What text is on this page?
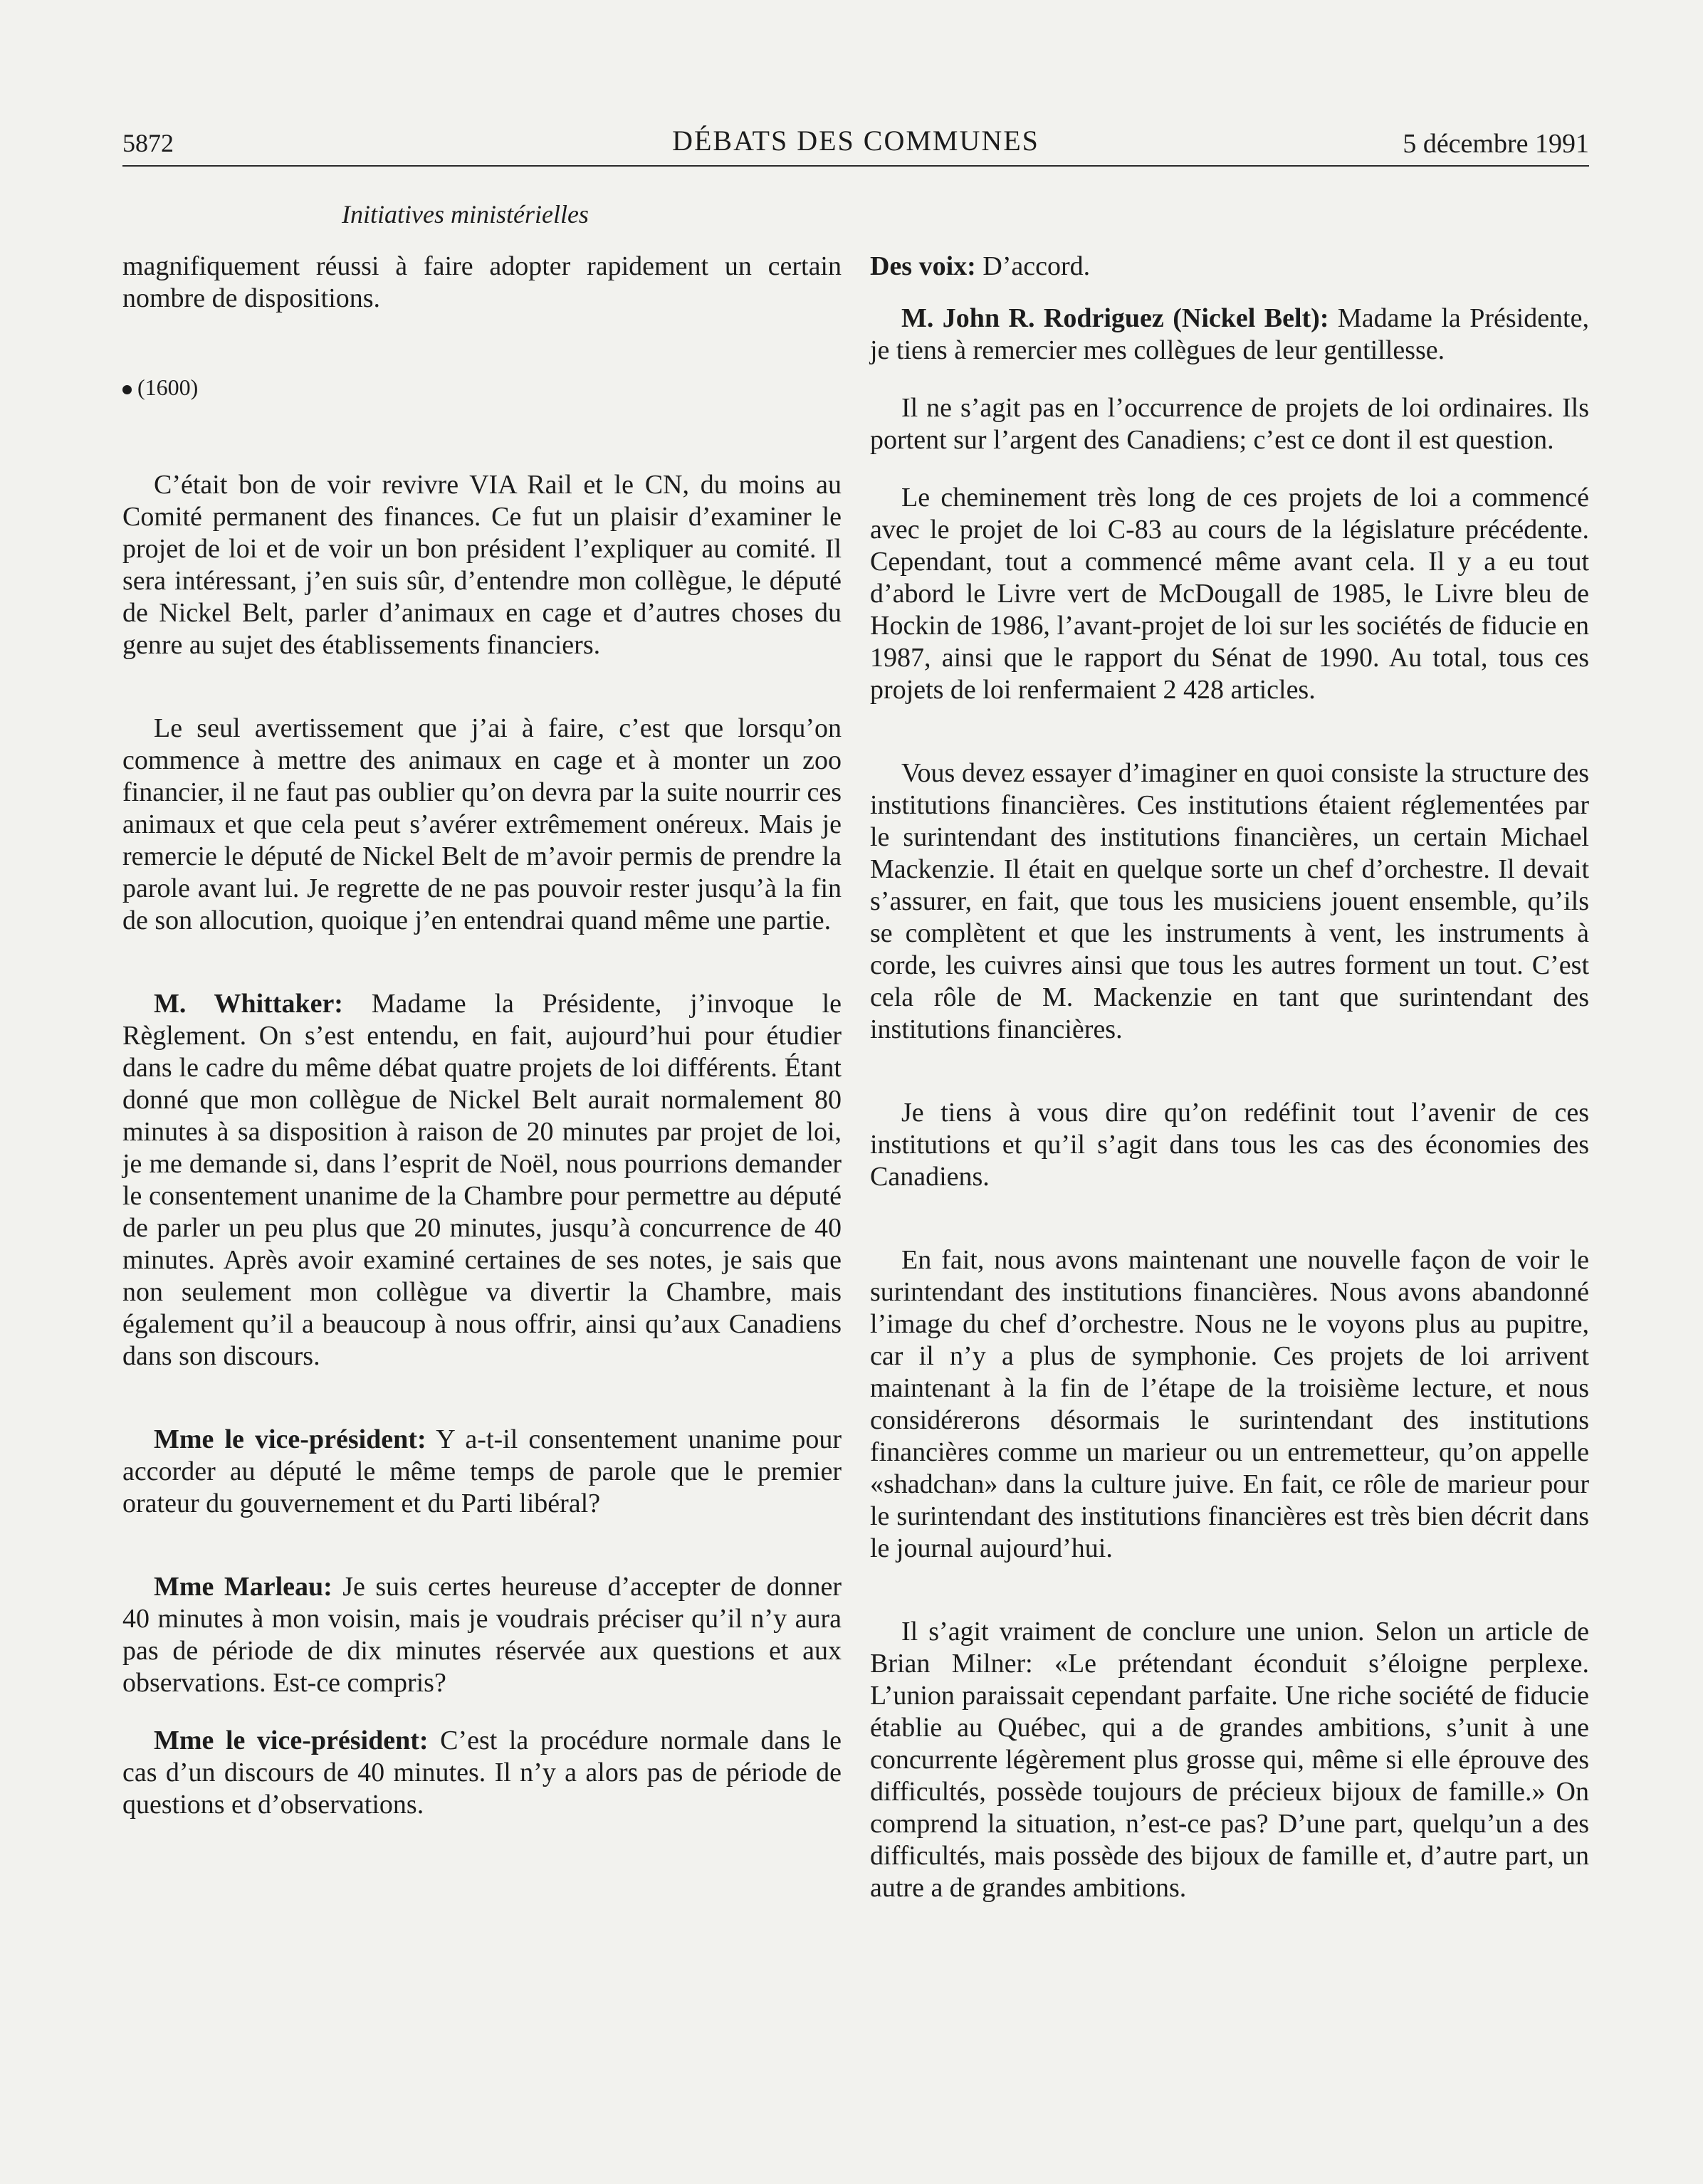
5872	DÉBATS DES COMMUNES	5 décembre 1991
Initiatives ministérielles

magnifiquement réussi à faire adopter rapidement un certain nombre de dispositions.

(1600)

C’était bon de voir revivre VIA Rail et le CN, du moins au Comité permanent des finances. Ce fut un plaisir d’examiner le projet de loi et de voir un bon président l’expliquer au comité. Il sera intéressant, j’en suis sûr, d’entendre mon collègue, le député de Nickel Belt, parler d’animaux en cage et d’autres choses du genre au sujet des établissements financiers.

Le seul avertissement que j’ai à faire, c’est que lorsqu’on commence à mettre des animaux en cage et à monter un zoo financier, il ne faut pas oublier qu’on devra par la suite nourrir ces animaux et que cela peut s’avérer extrêmement onéreux. Mais je remercie le député de Nickel Belt de m’avoir permis de prendre la parole avant lui. Je regrette de ne pas pouvoir rester jusqu’à la fin de son allocution, quoique j’en entendrai quand même une partie.

M. Whittaker: Madame la Présidente, j’invoque le Règlement. On s’est entendu, en fait, aujourd’hui pour étudier dans le cadre du même débat quatre projets de loi différents. Étant donné que mon collègue de Nickel Belt aurait normalement 80 minutes à sa disposition à raison de 20 minutes par projet de loi, je me demande si, dans l’esprit de Noël, nous pourrions demander le consentement unanime de la Chambre pour permettre au député de parler un peu plus que 20 minutes, jusqu’à concurrence de 40 minutes. Après avoir examiné certaines de ses notes, je sais que non seulement mon collègue va divertir la Chambre, mais également qu’il a beaucoup à nous offrir, ainsi qu’aux Canadiens dans son discours.

Mme le vice-président: Y a-t-il consentement unanime pour accorder au député le même temps de parole que le premier orateur du gouvernement et du Parti libéral?

Mme Marleau: Je suis certes heureuse d’accepter de donner 40 minutes à mon voisin, mais je voudrais préciser qu’il n’y aura pas de période de dix minutes réservée aux questions et aux observations. Est-ce compris?

Mme le vice-président: C’est la procédure normale dans le cas d’un discours de 40 minutes. Il n’y a alors pas de période de questions et d’observations.

Des voix: D’accord.

M. John R. Rodriguez (Nickel Belt): Madame la Présidente, je tiens à remercier mes collègues de leur gentillesse.

Il ne s’agit pas en l’occurrence de projets de loi ordinaires. Ils portent sur l’argent des Canadiens; c’est ce dont il est question.

Le cheminement très long de ces projets de loi a commencé avec le projet de loi C-83 au cours de la législature précédente. Cependant, tout a commencé même avant cela. Il y a eu tout d’abord le Livre vert de McDougall de 1985, le Livre bleu de Hockin de 1986, l’avant-projet de loi sur les sociétés de fiducie en 1987, ainsi que le rapport du Sénat de 1990. Au total, tous ces projets de loi renfermaient 2 428 articles.

Vous devez essayer d’imaginer en quoi consiste la structure des institutions financières. Ces institutions étaient réglementées par le surintendant des institutions financières, un certain Michael Mackenzie. Il était en quelque sorte un chef d’orchestre. Il devait s’assurer, en fait, que tous les musiciens jouent ensemble, qu’ils se complètent et que les instruments à vent, les instruments à corde, les cuivres ainsi que tous les autres forment un tout. C’est cela rôle de M. Mackenzie en tant que surintendant des institutions financières.

Je tiens à vous dire qu’on redéfinit tout l’avenir de ces institutions et qu’il s’agit dans tous les cas des économies des Canadiens.

En fait, nous avons maintenant une nouvelle façon de voir le surintendant des institutions financières. Nous avons abandonné l’image du chef d’orchestre. Nous ne le voyons plus au pupitre, car il n’y a plus de symphonie. Ces projets de loi arrivent maintenant à la fin de l’étape de la troisième lecture, et nous considérerons désormais le surintendant des institutions financières comme un marieur ou un entremetteur, qu’on appelle «shadchan» dans la culture juive. En fait, ce rôle de marieur pour le surintendant des institutions financières est très bien décrit dans le journal aujourd’hui.

Il s’agit vraiment de conclure une union. Selon un article de Brian Milner: «Le prétendant éconduit s’éloigne perplexe. L’union paraissait cependant parfaite. Une riche société de fiducie établie au Québec, qui a de grandes ambitions, s’unit à une concurrente légèrement plus grosse qui, même si elle éprouve des difficultés, possède toujours de précieux bijoux de famille.» On comprend la situation, n’est-ce pas? D’une part, quelqu’un a des difficultés, mais possède des bijoux de famille et, d’autre part, un autre a de grandes ambitions.
